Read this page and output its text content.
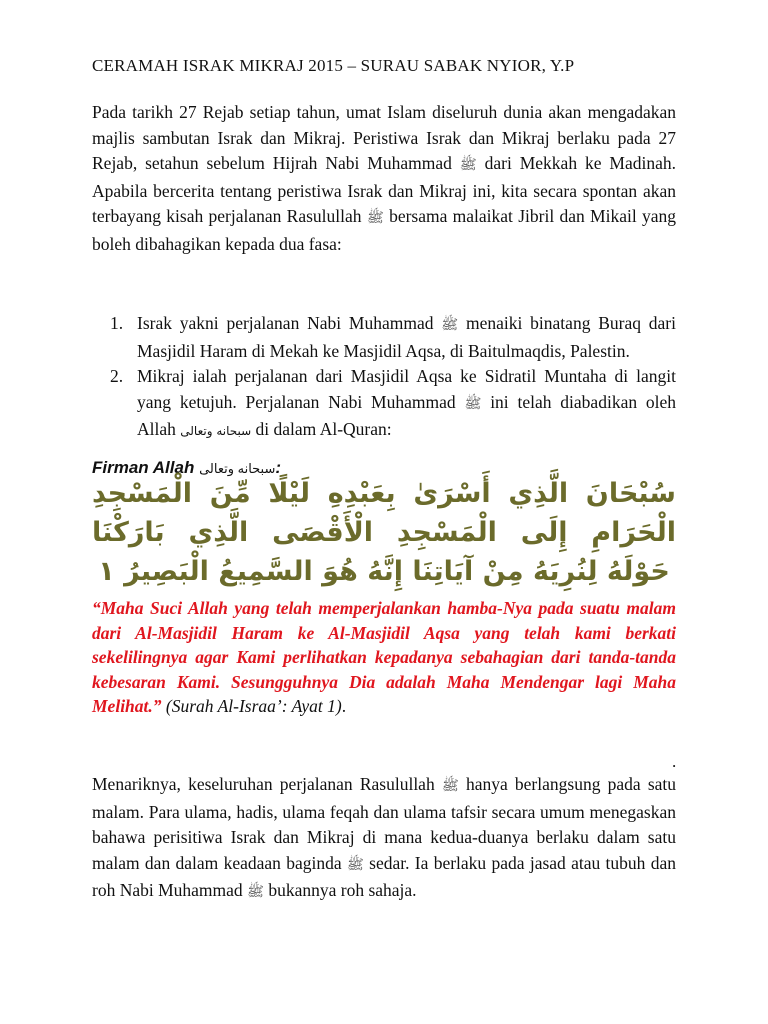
CERAMAH ISRAK MIKRAJ 2015 – SURAU SABAK NYIOR, Y.P
Pada tarikh 27 Rejab setiap tahun, umat Islam diseluruh dunia akan mengadakan majlis sambutan Israk dan Mikraj. Peristiwa Israk dan Mikraj berlaku pada 27 Rejab, setahun sebelum Hijrah Nabi Muhammad ﷺ dari Mekkah ke Madinah. Apabila bercerita tentang peristiwa Israk dan Mikraj ini, kita secara spontan akan terbayang kisah perjalanan Rasulullah ﷺ bersama malaikat Jibril dan Mikail yang boleh dibahagikan kepada dua fasa:
1. Israk yakni perjalanan Nabi Muhammad ﷺ menaiki binatang Buraq dari Masjidil Haram di Mekah ke Masjidil Aqsa, di Baitulmaqdis, Palestin.
2. Mikraj ialah perjalanan dari Masjidil Aqsa ke Sidratil Muntaha di langit yang ketujuh. Perjalanan Nabi Muhammad ﷺ ini telah diabadikan oleh Allah سبحانه وتعالى di dalam Al-Quran:
Firman Allah سبحانه وتعالى:
سُبْحَانَ الَّذِي أَسْرَىٰ بِعَبْدِهِ لَيْلًا مِّنَ الْمَسْجِدِ الْحَرَامِ إِلَى الْمَسْجِدِ الْأَقْصَى الَّذِي بَارَكْنَا حَوْلَهُ لِنُرِيَهُ مِنْ آيَاتِنَا إِنَّهُ هُوَ السَّمِيعُ الْبَصِيرُ ١
“Maha Suci Allah yang telah memperjalankan hamba-Nya pada suatu malam dari Al-Masjidil Haram ke Al-Masjidil Aqsa yang telah kami berkati sekelilingnya agar Kami perlihatkan kepadanya sebahagian dari tanda-tanda kebesaran Kami. Sesungguhnya Dia adalah Maha Mendengar lagi Maha Melihat.” (Surah Al-Israa’: Ayat 1).
.
Menariknya, keseluruhan perjalanan Rasulullah ﷺ hanya berlangsung pada satu malam. Para ulama, hadis, ulama feqah dan ulama tafsir secara umum menegaskan bahawa perisitiwa Israk dan Mikraj di mana kedua-duanya berlaku dalam satu malam dan dalam keadaan baginda ﷺ sedar. Ia berlaku pada jasad atau tubuh dan roh Nabi Muhammad ﷺ bukannya roh sahaja.
